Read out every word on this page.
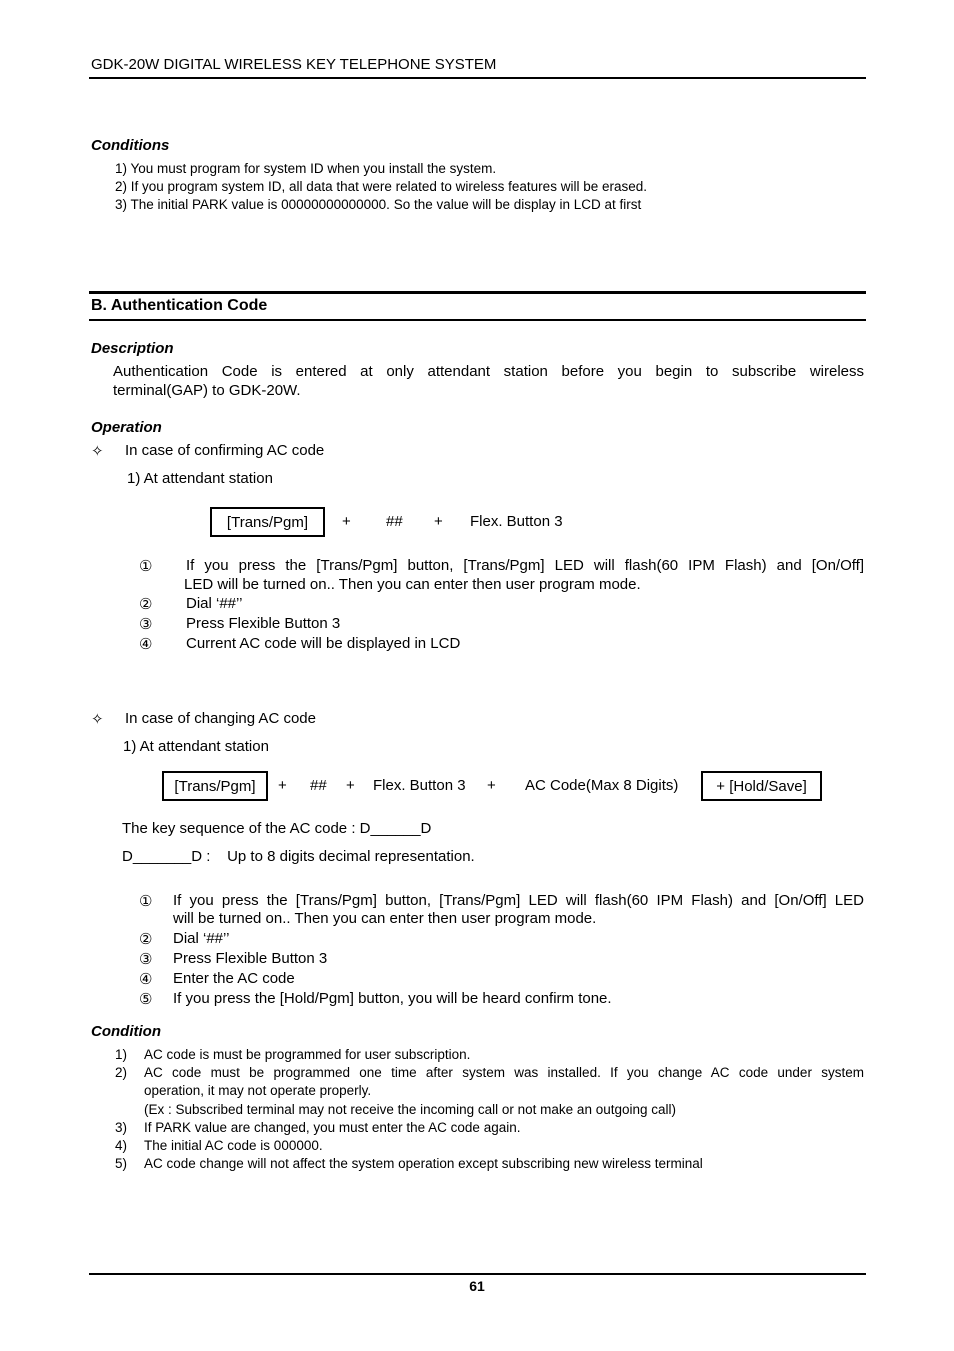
GDK-20W DIGITAL WIRELESS KEY TELEPHONE SYSTEM
Conditions
1) You must program for system ID when you install the system.
2) If you program system ID, all data that were related to wireless features will be erased.
3) The initial PARK value is 00000000000000. So the value will be display in LCD at first
B. Authentication Code
Description
Authentication Code is entered at only attendant station before you begin to subscribe wireless
terminal(GAP) to GDK-20W.
Operation
✧ In case of confirming AC code
1) At attendant station
[Trans/Pgm] + ## + Flex. Button 3
① If you press the [Trans/Pgm] button, [Trans/Pgm] LED will flash(60 IPM Flash) and [On/Off]
LED will be turned on.. Then you can enter then user program mode.
② Dial ‘##’’
③ Press Flexible Button 3
④ Current AC code will be displayed in LCD
✧ In case of changing AC code
1) At attendant station
[Trans/Pgm] + ## + Flex. Button 3 + AC Code(Max 8 Digits)	+ [Hold/Save]
The key sequence of the AC code : D______D
D_______D :    Up to 8 digits decimal representation.
① If you press the [Trans/Pgm] button, [Trans/Pgm] LED will flash(60 IPM Flash) and [On/Off] LED
will be turned on.. Then you can enter then user program mode.
② Dial ‘##’’
③ Press Flexible Button 3
④ Enter the AC code
⑤ If you press the [Hold/Pgm] button, you will be heard confirm tone.
Condition
1) AC code is must be programmed for user subscription.
2) AC code must be programmed one time after system was installed. If you change AC code under system
operation, it may not operate properly.
(Ex : Subscribed terminal may not receive the incoming call or not make an outgoing call)
3) If PARK value are changed, you must enter the AC code again.
4) The initial AC code is 000000.
5) AC code change will not affect the system operation except subscribing new wireless terminal
61
